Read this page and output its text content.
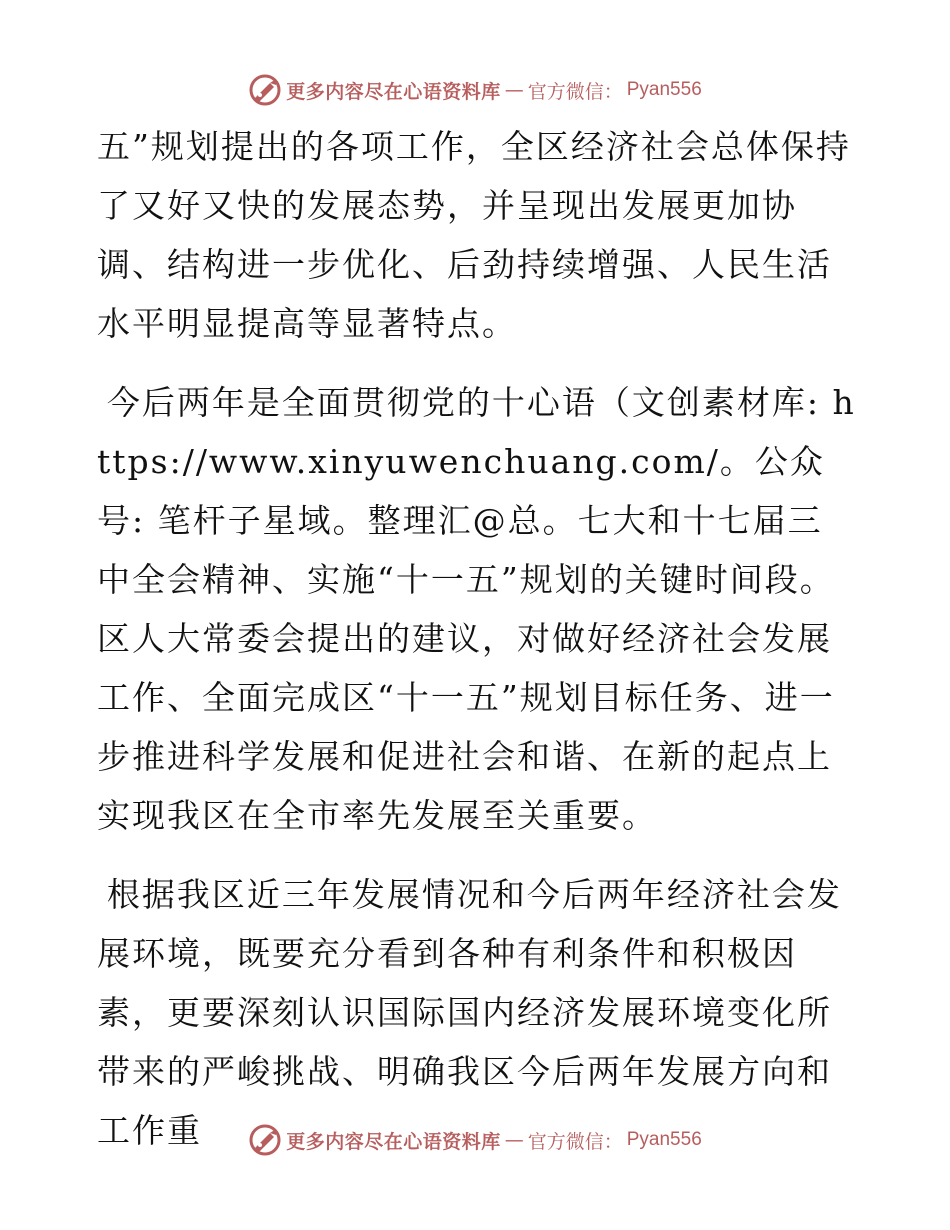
更多内容尽在心语资料库 — 官方微信： Pyan556

五”规划提出的各项工作，全区经济社会总体保持了又好又快的发展态势，并呈现出发展更加协调、结构进一步优化、后劲持续增强、人民生活水平明显提高等显著特点。

今后两年是全面贯彻党的十心语（文创素材库: https://www.xinyuwenchuang.com/。公众号: 笔杆子星域。整理汇@总。七大和十七届三中全会精神、实施“十一五”规划的关键时间段。区人大常委会提出的建议，对做好经济社会发展工作、全面完成区“十一五”规划目标任务、进一步推进科学发展和促进社会和谐、在新的起点上实现我区在全市率先发展至关重要。

根据我区近三年发展情况和今后两年经济社会发展环境，既要充分看到各种有利条件和积极因素，更要深刻认识国际国内经济发展环境变化所带来的严峻挑战、明确我区今后两年发展方向和工作重	更多内容尽在心语资料库 — 官方微信： Pyan556
